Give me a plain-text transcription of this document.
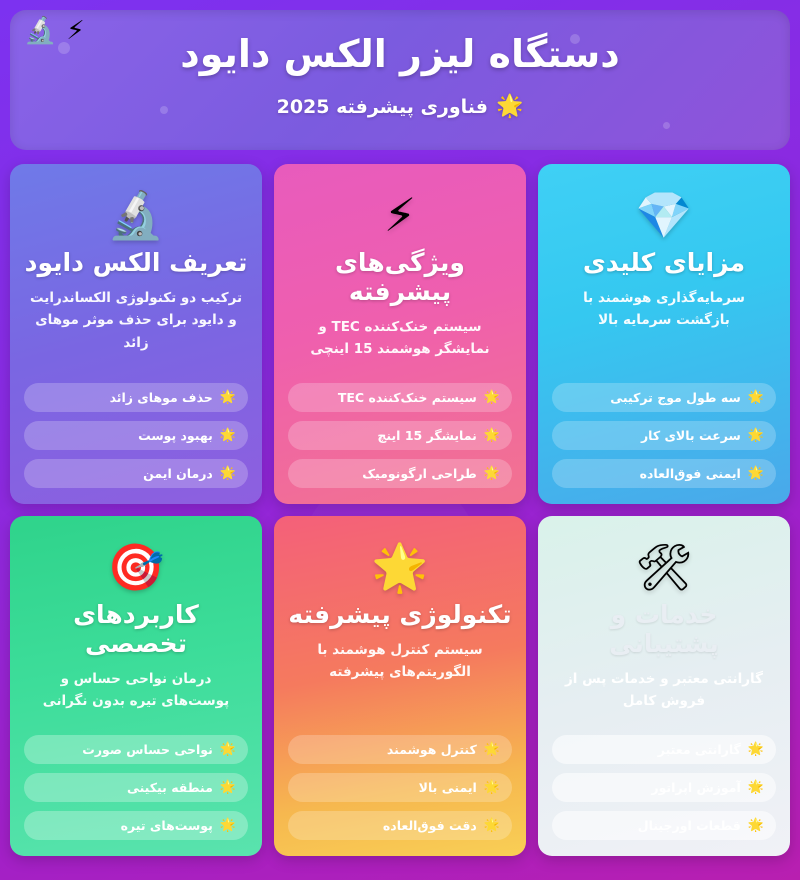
⚡
🔬
دستگاه لیزر الکس دایود
🌟
فناوری پیشرفته 2025
💎
مزایای کلیدی
سرمایه‌گذاری هوشمند با بازگشت سرمایه بالا
🌟
سه طول موج ترکیبی
🌟
سرعت بالای کار
🌟
ایمنی فوق‌العاده
⚡
ویژگی‌های پیشرفته
سیستم خنک‌کننده TEC و نمایشگر هوشمند 15 اینچی
🌟
سیستم خنک‌کننده TEC
🌟
نمایشگر 15 اینچ
🌟
طراحی ارگونومیک
🔬
تعریف الکس دایود
ترکیب دو تکنولوژی الکساندرایت و دایود برای حذف موثر موهای زائد
🌟
حذف موهای زائد
🌟
بهبود پوست
🌟
درمان ایمن
🛠
خدمات و پشتیبانی
گارانتی معتبر و خدمات پس از فروش کامل
🌟
گارانتی معتبر
🌟
آموزش اپراتور
🌟
قطعات اورجینال
🌟
تکنولوژی پیشرفته
سیستم کنترل هوشمند با الگوریتم‌های پیشرفته
🌟
کنترل هوشمند
🌟
ایمنی بالا
🌟
دقت فوق‌العاده
🎯
کاربردهای تخصصی
درمان نواحی حساس و پوست‌های تیره بدون نگرانی
🌟
نواحی حساس صورت
🌟
منطقه بیکینی
🌟
پوست‌های تیره
